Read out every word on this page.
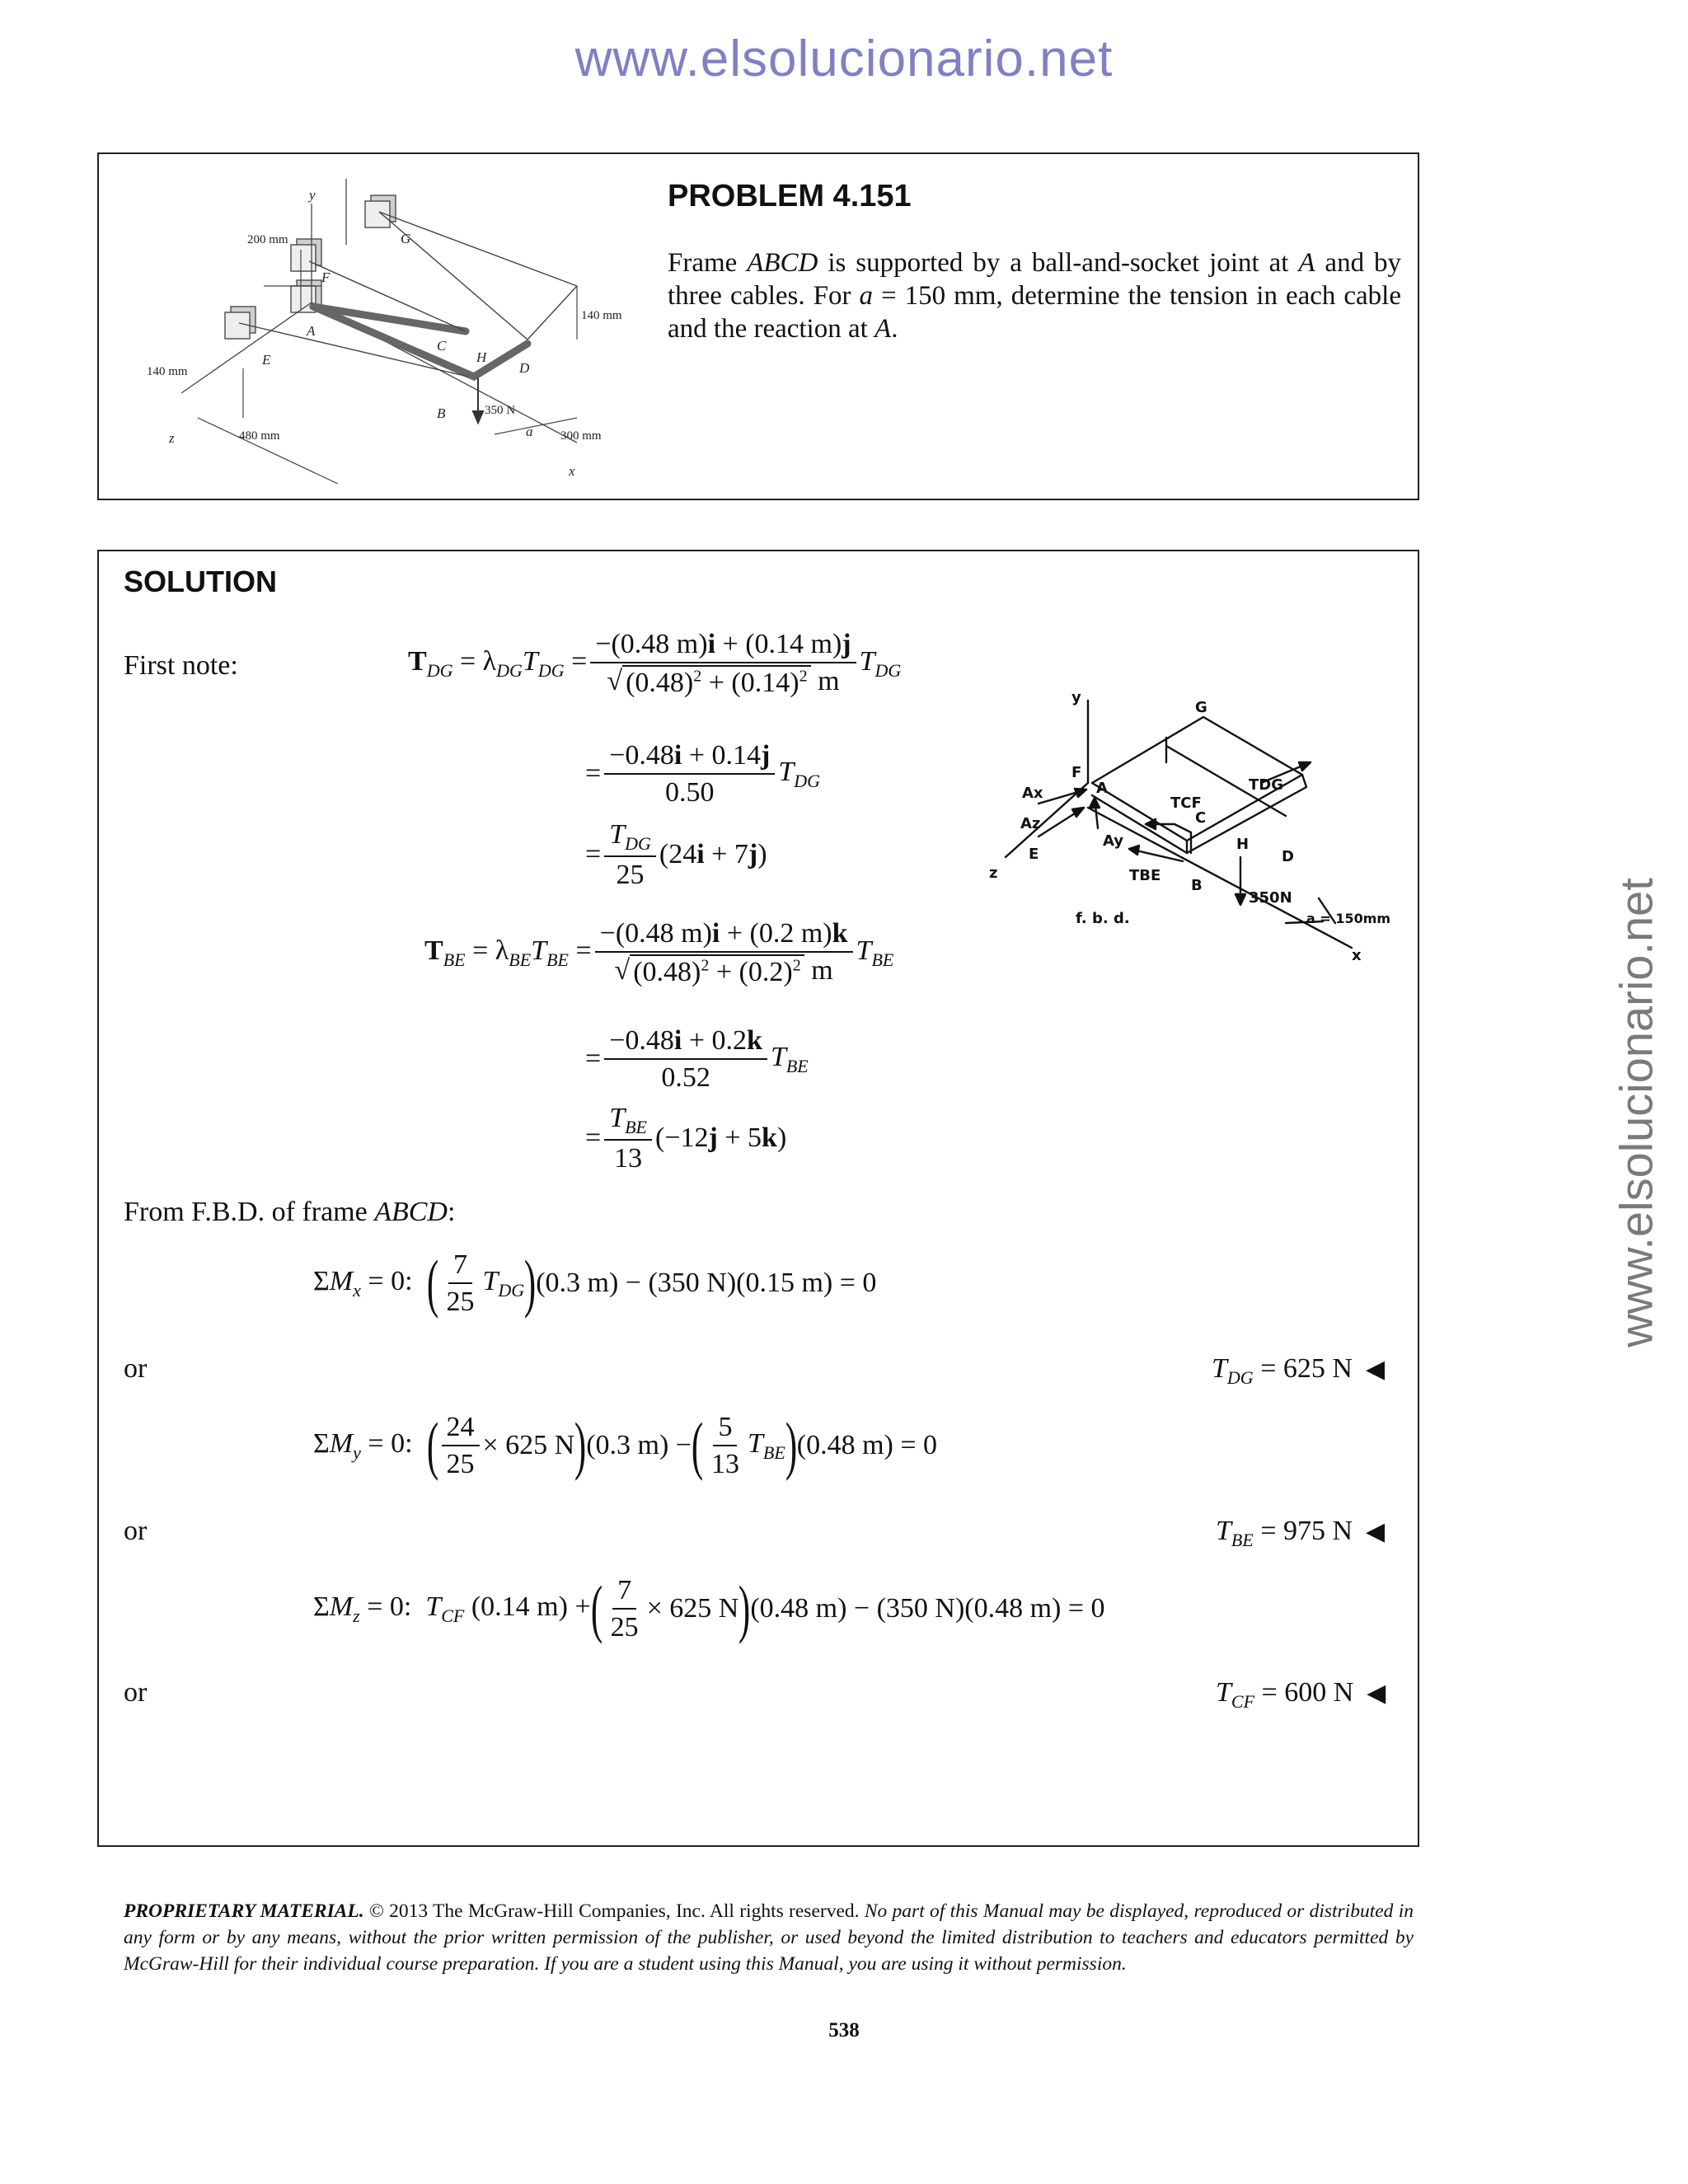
www.elsolucionario.net
www.elsolucionario.net
y
z
x
G
F
A
E
C
H
D
B
a
200 mm
140 mm
140 mm
480 mm	300 mm
350 N
PROBLEM 4.151
Frame ABCD is supported by a ball-and-socket joint at A and by three cables. For a = 150 mm, determine the tension in each cable and the reaction at A.
SOLUTION
First note:	$T_{DG} = \lambda_{DG}T_{DG} = \frac{-(0.48 m)i + (0.14 m)j}{√ (0.48)^2 + (0.14)^2 m} T_{DG}$
= $\frac{-0.48i + 0.14j}{0.50} T_{DG}$
= $\frac{T_{DG}}{25} (24i + 7j)$
$T_{BE} = \lambda_{BE}T_{BE} = \frac{-(0.48 m)i + (0.2 m)k}{√ (0.48)^2 + (0.2)^2 m} T_{BE}$
= $\frac{-0.48i + 0.2k}{0.52} T_{BE}$
= $\frac{T_{BE}}{13} (-12j + 5k)$
From F.B.D. of frame ABCD:
$\Sigma M_x = 0$: ( $\frac{7}{25} T_{DG}$ ) (0.3 m) − (350 N)(0.15 m) = 0
or	$T_{DG} = 625$ N ◀
$\Sigma M_y = 0$: ( $\frac{24}{25} \times 625$ N ) (0.3 m) − ( $\frac{5}{13} T_{BE}$ ) (0.48 m) = 0
or	$T_{BE} = 975$ N ◀
$\Sigma M_z = 0$:  $T_{CF}$ (0.14 m) + ( $\frac{7}{25} \times 625$ N ) (0.48 m) − (350 N)(0.48 m) = 0
or	$T_{CF} = 600$ N ◀
y
G
F
Ax	A
Az
Ay
E
z
TCF
C
TDG
H
D
TBE
B
350N
a = 150mm
x
f. b. d.
PROPRIETARY MATERIAL. © 2013 The McGraw-Hill Companies, Inc. All rights reserved. No part of this Manual may be displayed, reproduced or distributed in any form or by any means, without the prior written permission of the publisher, or used beyond the limited distribution to teachers and educators permitted by McGraw-Hill for their individual course preparation. If you are a student using this Manual, you are using it without permission.
538
